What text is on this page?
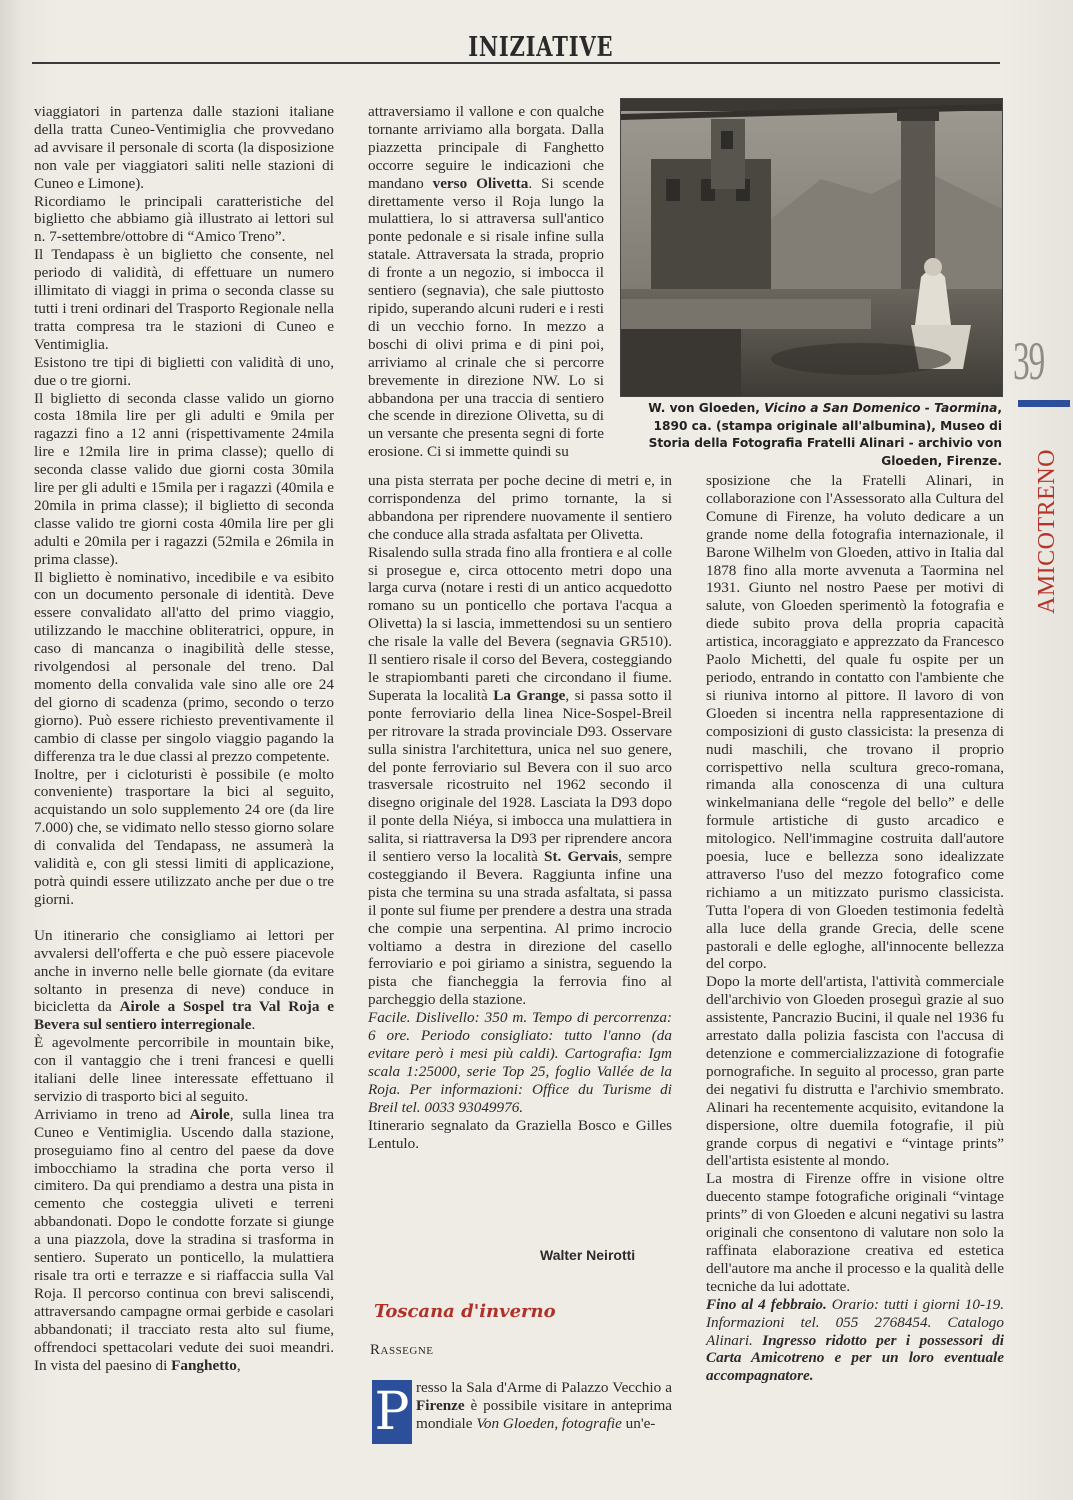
INIZIATIVE

viaggiatori in partenza dalle stazioni italiane della tratta Cuneo-Ventimiglia che provvedano ad avvisare il personale di scorta (la disposizione non vale per viaggiatori saliti nelle stazioni di Cuneo e Limone).

Ricordiamo le principali caratteristiche del biglietto che abbiamo già illustrato ai lettori sul n. 7-settembre/ottobre di “Amico Treno”.

Il Tendapass è un biglietto che consente, nel periodo di validità, di effettuare un numero illimitato di viaggi in prima o seconda classe su tutti i treni ordinari del Trasporto Regionale nella tratta compresa tra le stazioni di Cuneo e Ventimiglia.

Esistono tre tipi di biglietti con validità di uno, due o tre giorni.

Il biglietto di seconda classe valido un giorno costa 18mila lire per gli adulti e 9mila per ragazzi fino a 12 anni (rispettivamente 24mila lire e 12mila lire in prima classe); quello di seconda classe valido due giorni costa 30mila lire per gli adulti e 15mila per i ragazzi (40mila e 20mila in prima classe); il biglietto di seconda classe valido tre giorni costa 40mila lire per gli adulti e 20mila per i ragazzi (52mila e 26mila in prima classe).

Il biglietto è nominativo, incedibile e va esibito con un documento personale di identità. Deve essere convalidato all'atto del primo viaggio, utilizzando le macchine obliteratrici, oppure, in caso di mancanza o inagibilità delle stesse, rivolgendosi al personale del treno. Dal momento della convalida vale sino alle ore 24 del giorno di scadenza (primo, secondo o terzo giorno). Può essere richiesto preventivamente il cambio di classe per singolo viaggio pagando la differenza tra le due classi al prezzo competente.

Inoltre, per i cicloturisti è possibile (e molto conveniente) trasportare la bici al seguito, acquistando un solo supplemento 24 ore (da lire 7.000) che, se vidimato nello stesso giorno solare di convalida del Tendapass, ne assumerà la validità e, con gli stessi limiti di applicazione, potrà quindi essere utilizzato anche per due o tre giorni.

Un itinerario che consigliamo ai lettori per avvalersi dell'offerta e che può essere piacevole anche in inverno nelle belle giornate (da evitare soltanto in presenza di neve) conduce in bicicletta da Airole a Sospel tra Val Roja e Bevera sul sentiero interregionale.

È agevolmente percorribile in mountain bike, con il vantaggio che i treni francesi e quelli italiani delle linee interessate effettuano il servizio di trasporto bici al seguito.

Arriviamo in treno ad Airole, sulla linea tra Cuneo e Ventimiglia. Uscendo dalla stazione, proseguiamo fino al centro del paese da dove imbocchiamo la stradina che porta verso il cimitero. Da qui prendiamo a destra una pista in cemento che costeggia uliveti e terreni abbandonati. Dopo le condotte forzate si giunge a una piazzola, dove la stradina si trasforma in sentiero. Superato un ponticello, la mulattiera risale tra orti e terrazze e si riaffaccia sulla Val Roja. Il percorso continua con brevi saliscendi, attraversando campagne ormai gerbide e casolari abbandonati; il tracciato resta alto sul fiume, offrendoci spettacolari vedute dei suoi meandri. In vista del paesino di Fanghetto,

attraversiamo il vallone e con qualche tornante arriviamo alla borgata. Dalla piazzetta principale di Fanghetto occorre seguire le indicazioni che mandano verso Olivetta. Si scende direttamente verso il Roja lungo la mulattiera, lo si attraversa sull'antico ponte pedonale e si risale infine sulla statale. Attraversata la strada, proprio di fronte a un negozio, si imbocca il sentiero (segnavia), che sale piuttosto ripido, superando alcuni ruderi e i resti di un vecchio forno. In mezzo a boschi di olivi prima e di pini poi, arriviamo al crinale che si percorre brevemente in direzione NW. Lo si abbandona per una traccia di sentiero che scende in direzione Olivetta, su di un versante che presenta segni di forte erosione. Ci si immette quindi su

una pista sterrata per poche decine di metri e, in corrispondenza del primo tornante, la si abbandona per riprendere nuovamente il sentiero che conduce alla strada asfaltata per Olivetta.

Risalendo sulla strada fino alla frontiera e al colle si prosegue e, circa ottocento metri dopo una larga curva (notare i resti di un antico acquedotto romano su un ponticello che portava l'acqua a Olivetta) la si lascia, immettendosi su un sentiero che risale la valle del Bevera (segnavia GR510). Il sentiero risale il corso del Bevera, costeggiando le strapiombanti pareti che circondano il fiume. Superata la località La Grange, si passa sotto il ponte ferroviario della linea Nice-Sospel-Breil per ritrovare la strada provinciale D93. Osservare sulla sinistra l'architettura, unica nel suo genere, del ponte ferroviario sul Bevera con il suo arco trasversale ricostruito nel 1962 secondo il disegno originale del 1928. Lasciata la D93 dopo il ponte della Niéya, si imbocca una mulattiera in salita, si riattraversa la D93 per riprendere ancora il sentiero verso la località St. Gervais, sempre costeggiando il Bevera. Raggiunta infine una pista che termina su una strada asfaltata, si passa il ponte sul fiume per prendere a destra una strada che compie una serpentina. Al primo incrocio voltiamo a destra in direzione del casello ferroviario e poi giriamo a sinistra, seguendo la pista che fiancheggia la ferrovia fino al parcheggio della stazione.

Facile. Dislivello: 350 m. Tempo di percorrenza: 6 ore. Periodo consigliato: tutto l'anno (da evitare però i mesi più caldi). Cartografia: Igm scala 1:25000, serie Top 25, foglio Vallée de la Roja. Per informazioni: Office du Turisme di Breil tel. 0033 93049976.

Itinerario segnalato da Graziella Bosco e Gilles Lentulo.

Walter Neirotti
Toscana d'inverno
Rassegne
P resso la Sala d'Arme di Palazzo Vecchio a Firenze è possibile visitare in anteprima mondiale Von Gloeden, fotografie un'e-
W. von Gloeden, Vicino a San Domenico - Taormina, 1890 ca. (stampa originale all'albumina), Museo di Storia della Fotografia Fratelli Alinari - archivio von Gloeden, Firenze.

sposizione che la Fratelli Alinari, in collaborazione con l'Assessorato alla Cultura del Comune di Firenze, ha voluto dedicare a un grande nome della fotografia internazionale, il Barone Wilhelm von Gloeden, attivo in Italia dal 1878 fino alla morte avvenuta a Taormina nel 1931. Giunto nel nostro Paese per motivi di salute, von Gloeden sperimentò la fotografia e diede subito prova della propria capacità artistica, incoraggiato e apprezzato da Francesco Paolo Michetti, del quale fu ospite per un periodo, entrando in contatto con l'ambiente che si riuniva intorno al pittore. Il lavoro di von Gloeden si incentra nella rappresentazione di composizioni di gusto classicista: la presenza di nudi maschili, che trovano il proprio corrispettivo nella scultura greco-romana, rimanda alla conoscenza di una cultura winkelmaniana delle “regole del bello” e delle formule artistiche di gusto arcadico e mitologico. Nell'immagine costruita dall'autore poesia, luce e bellezza sono idealizzate attraverso l'uso del mezzo fotografico come richiamo a un mitizzato purismo classicista. Tutta l'opera di von Gloeden testimonia fedeltà alla luce della grande Grecia, delle scene pastorali e delle egloghe, all'innocente bellezza del corpo.

Dopo la morte dell'artista, l'attività commerciale dell'archivio von Gloeden proseguì grazie al suo assistente, Pancrazio Bucini, il quale nel 1936 fu arrestato dalla polizia fascista con l'accusa di detenzione e commercializzazione di fotografie pornografiche. In seguito al processo, gran parte dei negativi fu distrutta e l'archivio smembrato. Alinari ha recentemente acquisito, evitandone la dispersione, oltre duemila fotografie, il più grande corpus di negativi e “vintage prints” dell'artista esistente al mondo.

La mostra di Firenze offre in visione oltre duecento stampe fotografiche originali “vintage prints” di von Gloeden e alcuni negativi su lastra originali che consentono di valutare non solo la raffinata elaborazione creativa ed estetica dell'autore ma anche il processo e la qualità delle tecniche da lui adottate.

Fino al 4 febbraio. Orario: tutti i giorni 10-19. Informazioni tel. 055 2768454. Catalogo Alinari. Ingresso ridotto per i possessori di Carta Amicotreno e per un loro eventuale accompagnatore.

39
AMICOTRENO
